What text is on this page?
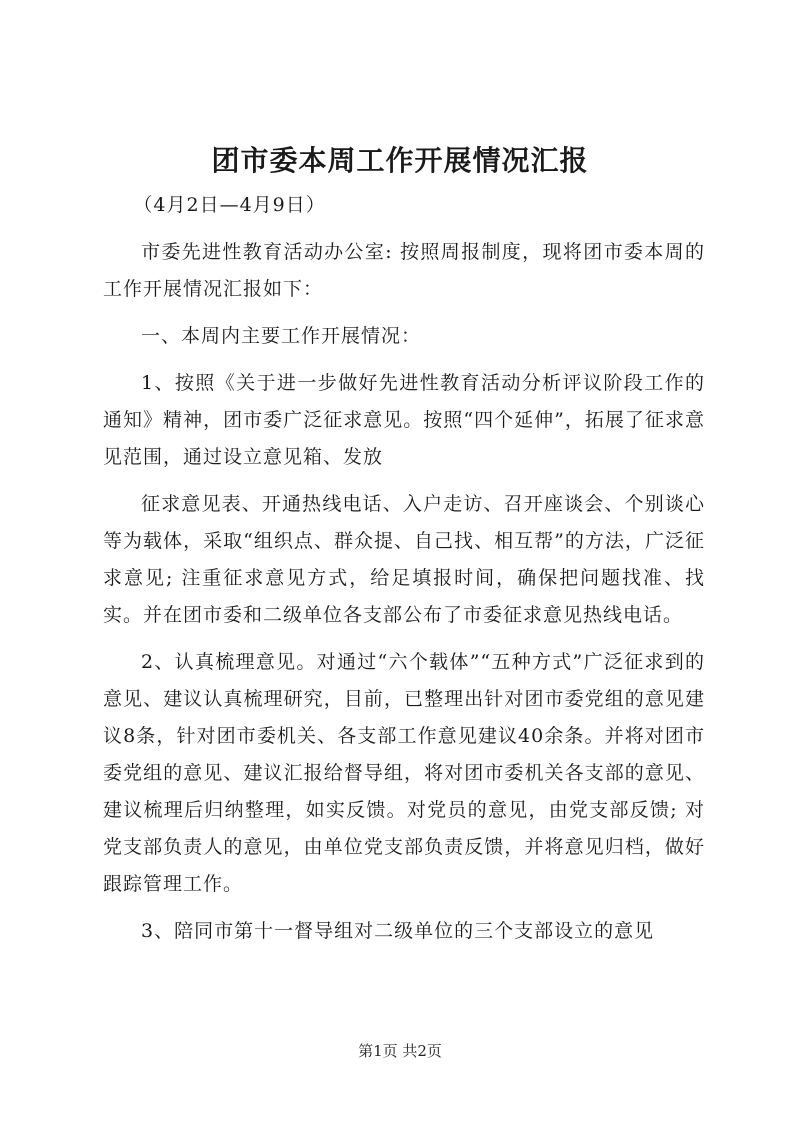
团市委本周工作开展情况汇报

（4月2日—4月9日）

市委先进性教育活动办公室: 按照周报制度，现将团市委本周的工作开展情况汇报如下：

一、本周内主要工作开展情况：

1、按照《关于进一步做好先进性教育活动分析评议阶段工作的通知》精神，团市委广泛征求意见。按照“四个延伸”，拓展了征求意见范围，通过设立意见箱、发放

征求意见表、开通热线电话、入户走访、召开座谈会、个别谈心等为载体，采取“组织点、群众提、自己找、相互帮”的方法，广泛征求意见; 注重征求意见方式，给足填报时间，确保把问题找准、找实。并在团市委和二级单位各支部公布了市委征求意见热线电话。

2、认真梳理意见。对通过“六个载体”“五种方式”广泛征求到的意见、建议认真梳理研究，目前，已整理出针对团市委党组的意见建议8条，针对团市委机关、各支部工作意见建议40余条。并将对团市委党组的意见、建议汇报给督导组，将对团市委机关各支部的意见、建议梳理后归纳整理，如实反馈。对党员的意见，由党支部反馈; 对党支部负责人的意见，由单位党支部负责反馈，并将意见归档，做好跟踪管理工作。

3、陪同市第十一督导组对二级单位的三个支部设立的意见

第1页 共2页
